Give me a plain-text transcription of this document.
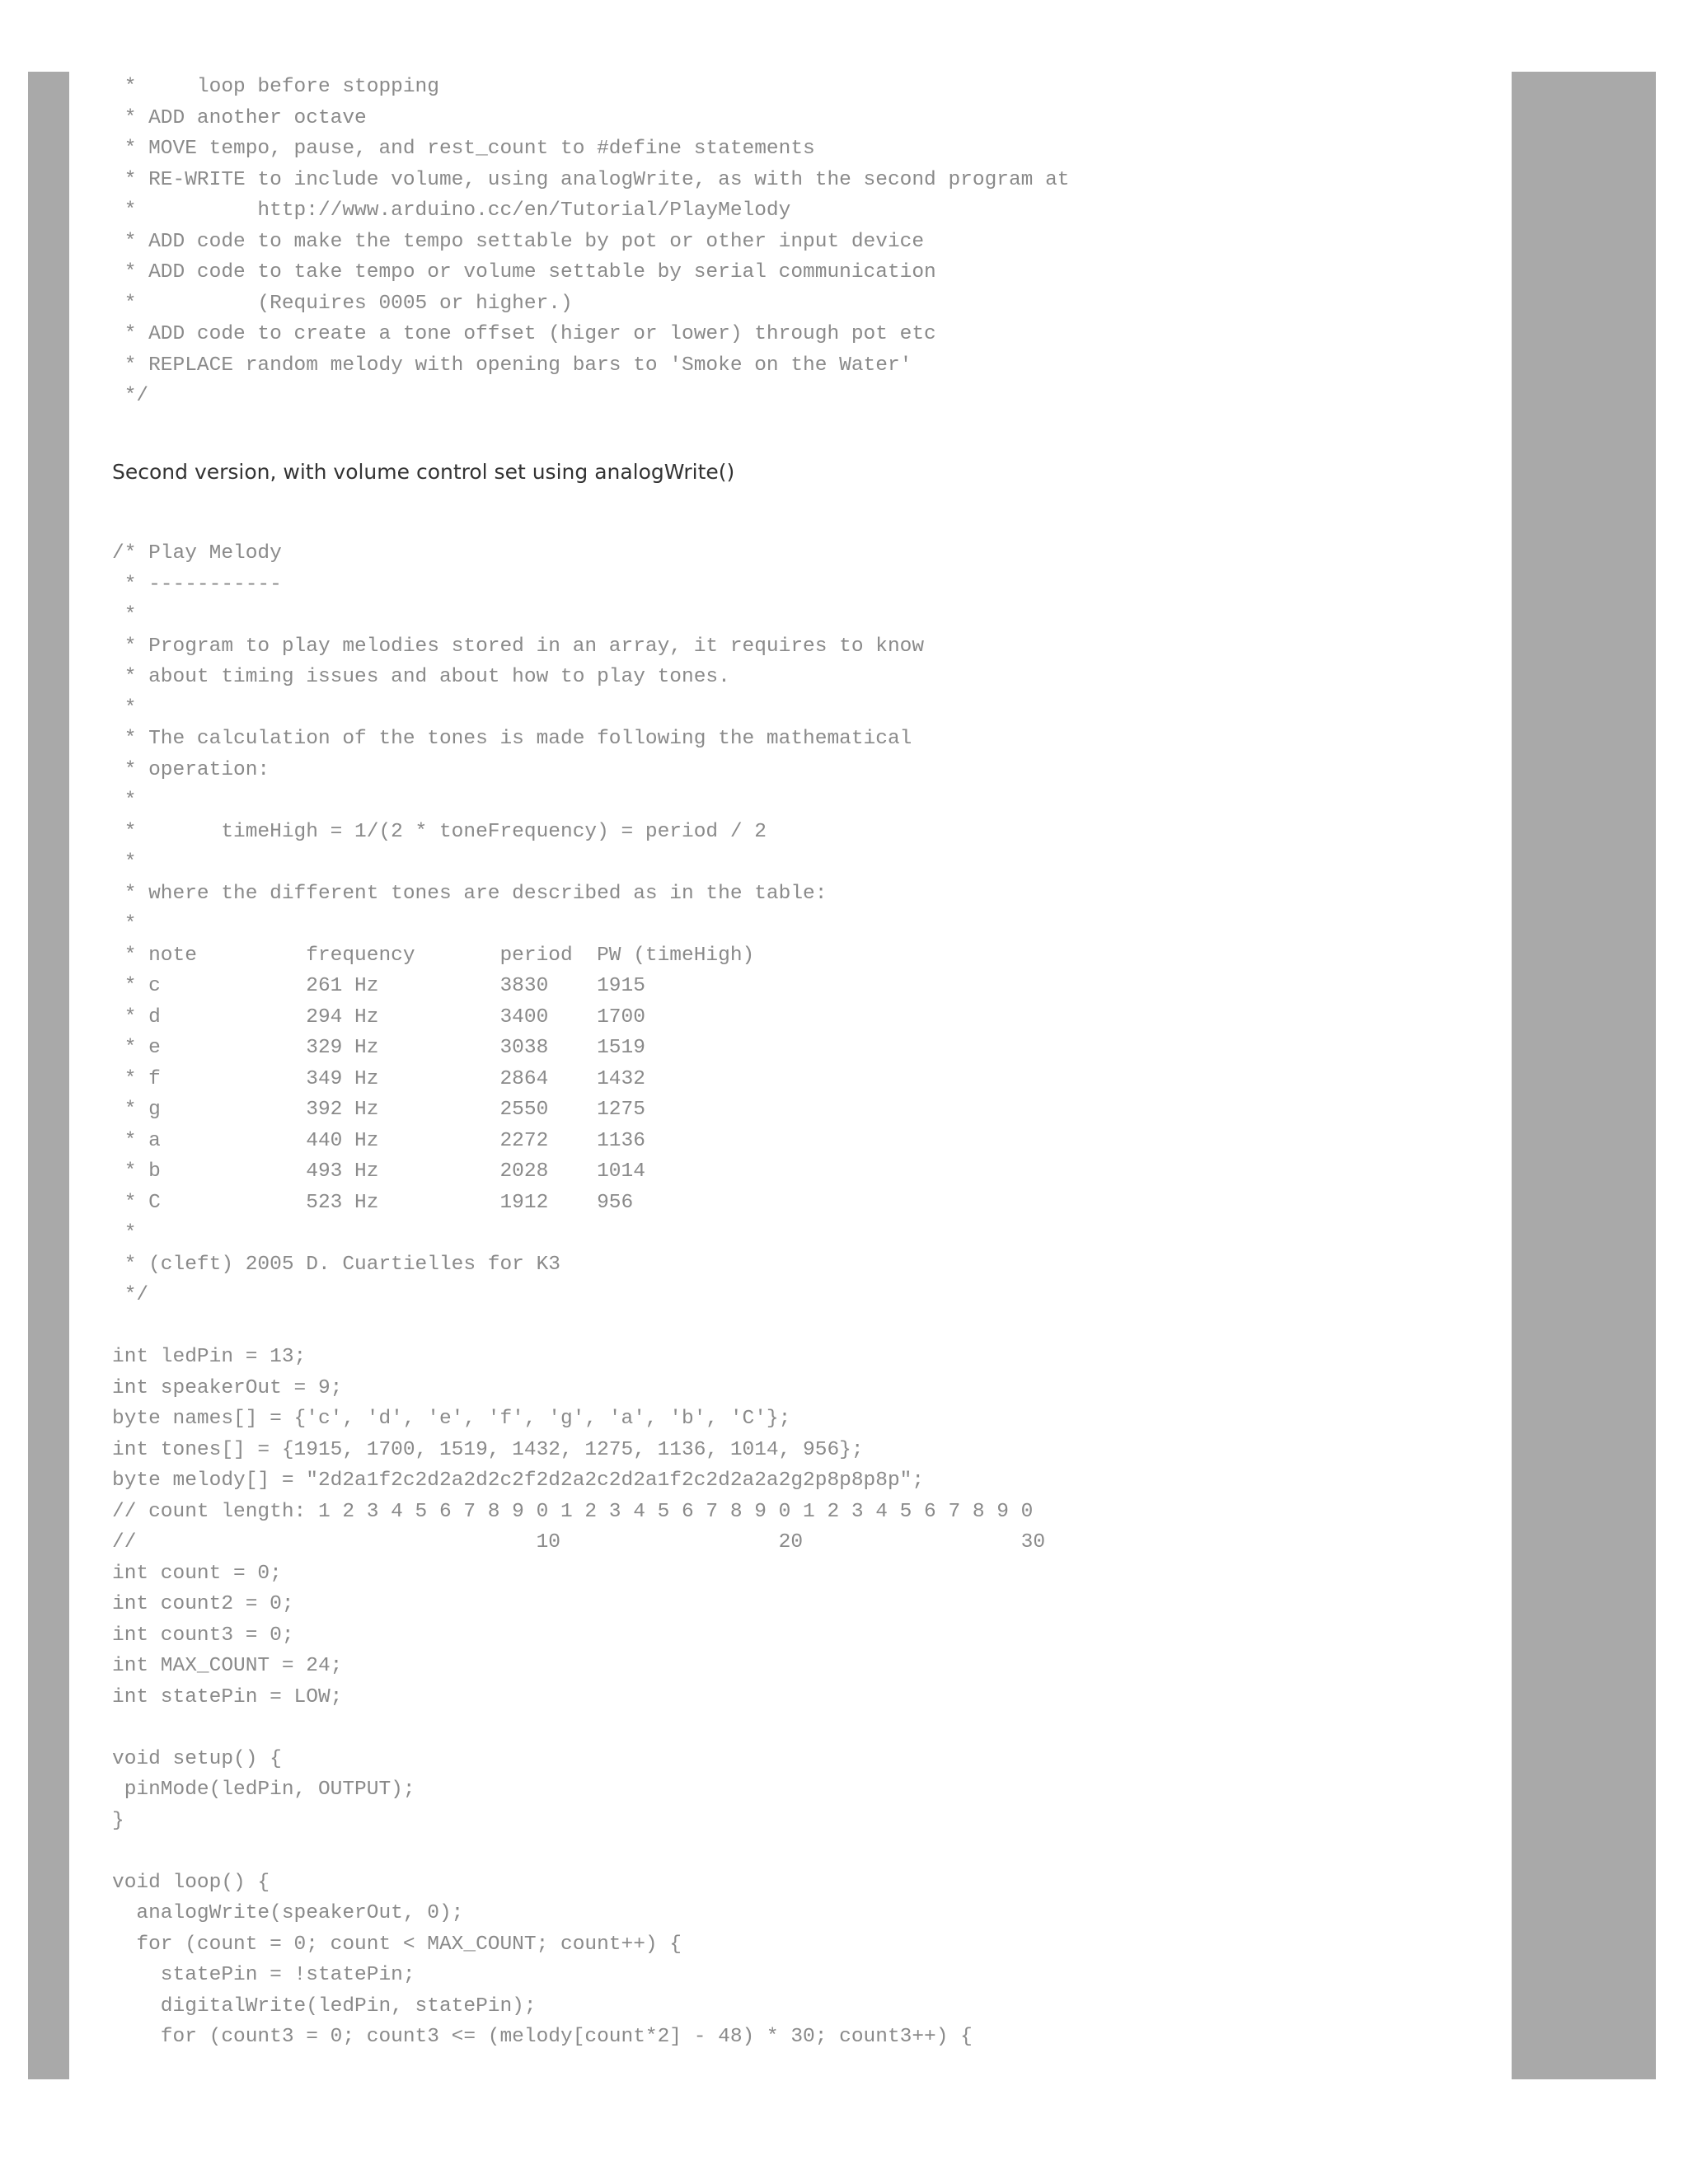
*     loop before stopping
* ADD another octave
* MOVE tempo, pause, and rest_count to #define statements
* RE-WRITE to include volume, using analogWrite, as with the second program at
*          http://www.arduino.cc/en/Tutorial/PlayMelody
* ADD code to make the tempo settable by pot or other input device
* ADD code to take tempo or volume settable by serial communication
*          (Requires 0005 or higher.)
* ADD code to create a tone offset (higer or lower) through pot etc
* REPLACE random melody with opening bars to 'Smoke on the Water'
*/

Second version, with volume control set using analogWrite()

/* Play Melody
* -----------
*
* Program to play melodies stored in an array, it requires to know
* about timing issues and about how to play tones.
*
* The calculation of the tones is made following the mathematical
* operation:
*
*       timeHigh = 1/(2 * toneFrequency) = period / 2
*
* where the different tones are described as in the table:
*
* note         frequency       period  PW (timeHigh)
* c            261 Hz          3830    1915
* d            294 Hz          3400    1700
* e            329 Hz          3038    1519
* f            349 Hz          2864    1432
* g            392 Hz          2550    1275
* a            440 Hz          2272    1136
* b            493 Hz          2028    1014
* C            523 Hz          1912    956
*
* (cleft) 2005 D. Cuartielles for K3
*/
int ledPin = 13;
int speakerOut = 9;
byte names[] = {'c', 'd', 'e', 'f', 'g', 'a', 'b', 'C'};
int tones[] = {1915, 1700, 1519, 1432, 1275, 1136, 1014, 956};
byte melody[] = "2d2a1f2c2d2a2d2c2f2d2a2c2d2a1f2c2d2a2a2g2p8p8p8p";
// count length: 1 2 3 4 5 6 7 8 9 0 1 2 3 4 5 6 7 8 9 0 1 2 3 4 5 6 7 8 9 0
//                                 10                  20                  30
int count = 0;
int count2 = 0;
int count3 = 0;
int MAX_COUNT = 24;
int statePin = LOW;
void setup() {
pinMode(ledPin, OUTPUT);
}
void loop() {
analogWrite(speakerOut, 0);
for (count = 0; count < MAX_COUNT; count++) {
statePin = !statePin;
digitalWrite(ledPin, statePin);
for (count3 = 0; count3 <= (melody[count*2] - 48) * 30; count3++) {
